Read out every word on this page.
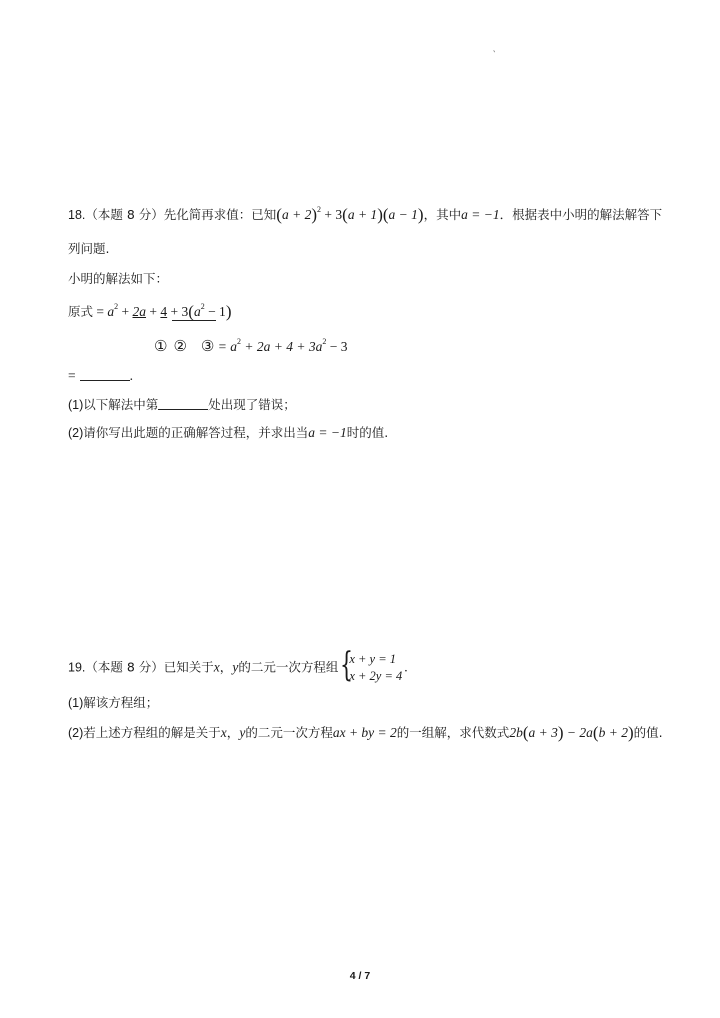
‵
18.（本题 8 分）先化简再求值：已知$(a + 2)^2 + 3(a + 1)(a - 1)$，其中a = −1．根据表中小明的解法解答下
列问题.
小明的解法如下：
原式 = $a^2 + 2a + 4 + 3(a^2 - 1)$
① ② ③ = $a^2 + 2a + 4 + 3a^2 - 3$
=	.
(1)以下解法中第	处出现了错误；
(2)请你写出此题的正确解答过程，并求出当a = −1时的值.
19.（本题 8 分）已知关于x，y的二元一次方程组 {
x + y = 1
x + 2y = 4
.
(1)解该方程组；
(2)若上述方程组的解是关于x，y的二元一次方程ax + by = 2的一组解，求代数式2b(a + 3) − 2a(b + 2)的值.
4 / 7
